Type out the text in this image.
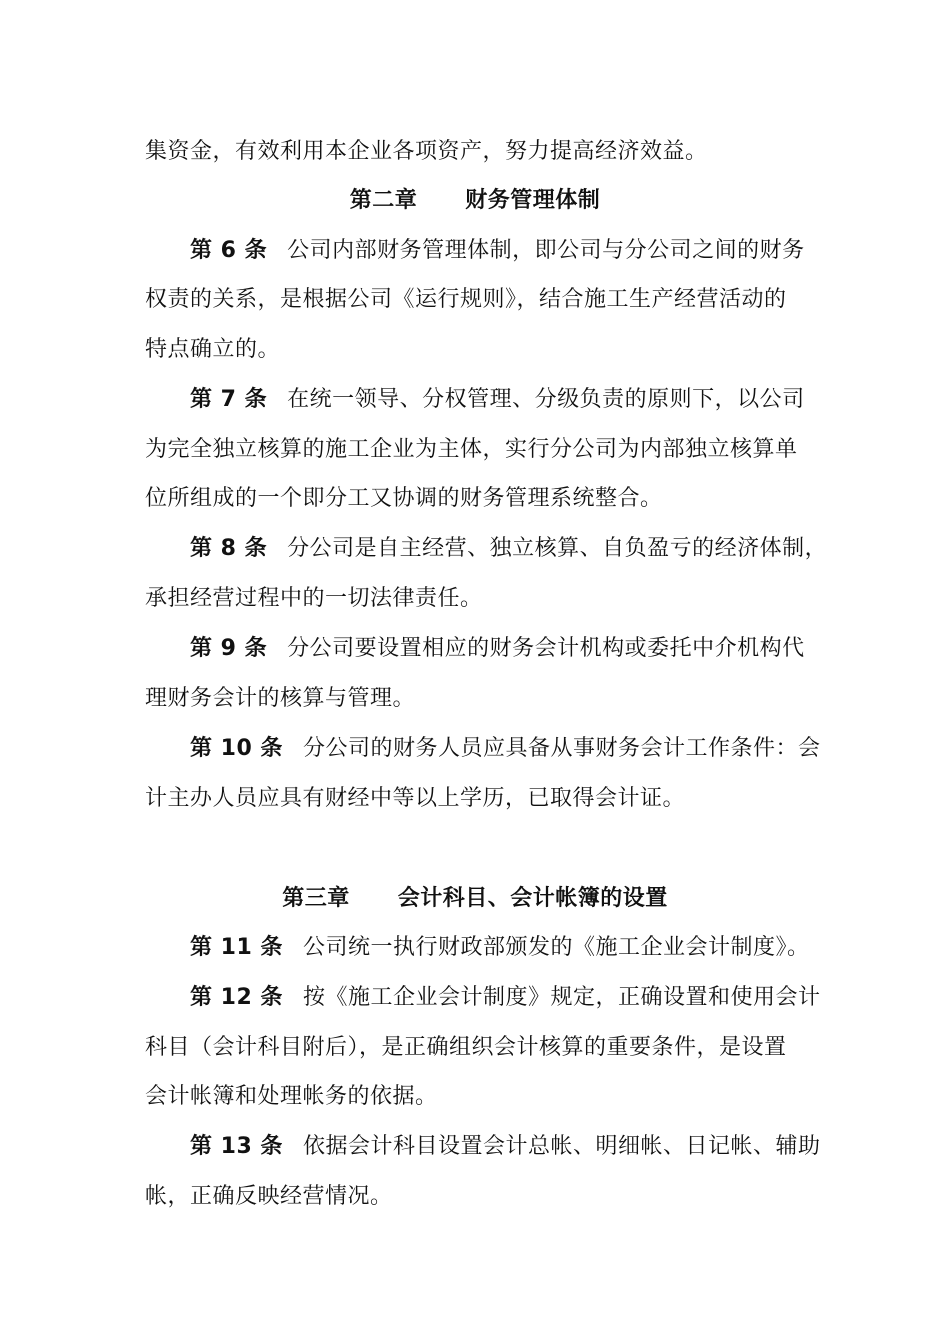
集资金，有效利用本企业各项资产，努力提高经济效益。
第二章 财务管理体制
第 6 条 公司内部财务管理体制，即公司与分公司之间的财务
权责的关系，是根据公司《运行规则》，结合施工生产经营活动的
特点确立的。
第 7 条 在统一领导、分权管理、分级负责的原则下，以公司
为完全独立核算的施工企业为主体，实行分公司为内部独立核算单
位所组成的一个即分工又协调的财务管理系统整合。
第 8 条 分公司是自主经营、独立核算、自负盈亏的经济体制，
承担经营过程中的一切法律责任。
第 9 条 分公司要设置相应的财务会计机构或委托中介机构代
理财务会计的核算与管理。
第 10 条 分公司的财务人员应具备从事财务会计工作条件：会
计主办人员应具有财经中等以上学历，已取得会计证。
第三章 会计科目、会计帐簿的设置
第 11 条 公司统一执行财政部颁发的《施工企业会计制度》。
第 12 条 按《施工企业会计制度》规定，正确设置和使用会计
科目（会计科目附后），是正确组织会计核算的重要条件，是设置
会计帐簿和处理帐务的依据。
第 13 条 依据会计科目设置会计总帐、明细帐、日记帐、辅助
帐，正确反映经营情况。
